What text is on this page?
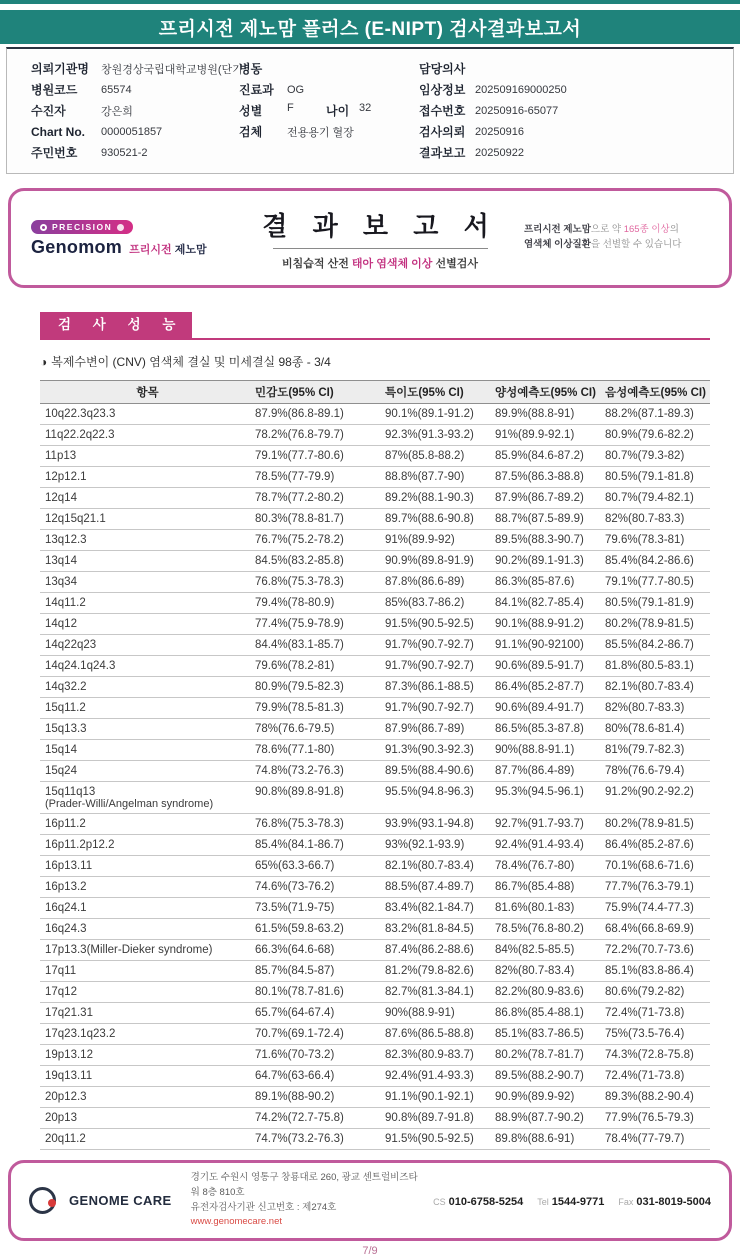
프리시전 제노맘 플러스 (E-NIPT) 검사결과보고서
의뢰기관명	창원경상국립대학교병원(단기
병동	담당의사
병원코드	65574	진료과	OG	임상정보 202509169000250
수진자	강은희	성별	F	나이 32	접수번호 20250916-65077
Chart No.	0000051857	검체	전용용기 혈장	검사의뢰 20250916
주민번호	930521-2	결과보고 20250922
PRECISION
Genomom 프리시전 제노맘
결 과 보 고 서
비침습적 산전 태아 염색체 이상 선별검사
프리시전 제노맘으로 약 165종 이상의
염색체 이상질환을 선별할 수 있습니다
검 사 성 능
◑ 복제수변이 (CNV) 염색체 결실 및 미세결실 98종 - 3/4
항목	민감도(95% CI)	특이도(95% CI)	양성예측도(95% CI) 음성예측도(95% CI)
10q22.3q23.3	87.9%(86.8-89.1)	90.1%(89.1-91.2)	89.9%(88.8-91)	88.2%(87.1-89.3)
11q22.2q22.3	78.2%(76.8-79.7)	92.3%(91.3-93.2)	91%(89.9-92.1)	80.9%(79.6-82.2)
11p13	79.1%(77.7-80.6)	87%(85.8-88.2)	85.9%(84.6-87.2)	80.7%(79.3-82)
12p12.1	78.5%(77-79.9)	88.8%(87.7-90)	87.5%(86.3-88.8)	80.5%(79.1-81.8)
12q14	78.7%(77.2-80.2)	89.2%(88.1-90.3)	87.9%(86.7-89.2)	80.7%(79.4-82.1)
12q15q21.1	80.3%(78.8-81.7)	89.7%(88.6-90.8)	88.7%(87.5-89.9)	82%(80.7-83.3)
13q12.3	76.7%(75.2-78.2)	91%(89.9-92)	89.5%(88.3-90.7)	79.6%(78.3-81)
13q14	84.5%(83.2-85.8)	90.9%(89.8-91.9)	90.2%(89.1-91.3)	85.4%(84.2-86.6)
13q34	76.8%(75.3-78.3)	87.8%(86.6-89)	86.3%(85-87.6)	79.1%(77.7-80.5)
14q11.2	79.4%(78-80.9)	85%(83.7-86.2)	84.1%(82.7-85.4)	80.5%(79.1-81.9)
14q12	77.4%(75.9-78.9)	91.5%(90.5-92.5)	90.1%(88.9-91.2)	80.2%(78.9-81.5)
14q22q23	84.4%(83.1-85.7)	91.7%(90.7-92.7)	91.1%(90-92100)	85.5%(84.2-86.7)
14q24.1q24.3	79.6%(78.2-81)	91.7%(90.7-92.7)	90.6%(89.5-91.7)	81.8%(80.5-83.1)
14q32.2	80.9%(79.5-82.3)	87.3%(86.1-88.5)	86.4%(85.2-87.7)	82.1%(80.7-83.4)
15q11.2	79.9%(78.5-81.3)	91.7%(90.7-92.7)	90.6%(89.4-91.7)	82%(80.7-83.3)
15q13.3	78%(76.6-79.5)	87.9%(86.7-89)	86.5%(85.3-87.8)	80%(78.6-81.4)
15q14	78.6%(77.1-80)	91.3%(90.3-92.3)	90%(88.8-91.1)	81%(79.7-82.3)
15q24	74.8%(73.2-76.3)	89.5%(88.4-90.6)	87.7%(86.4-89)	78%(76.6-79.4)
15q11q13
(Prader-Willi/Angelman syndrome)
90.8%(89.8-91.8)	95.5%(94.8-96.3)	95.3%(94.5-96.1)	91.2%(90.2-92.2)
16p11.2	76.8%(75.3-78.3)	93.9%(93.1-94.8)	92.7%(91.7-93.7)	80.2%(78.9-81.5)
16p11.2p12.2	85.4%(84.1-86.7)	93%(92.1-93.9)	92.4%(91.4-93.4)	86.4%(85.2-87.6)
16p13.11	65%(63.3-66.7)	82.1%(80.7-83.4)	78.4%(76.7-80)	70.1%(68.6-71.6)
16p13.2	74.6%(73-76.2)	88.5%(87.4-89.7)	86.7%(85.4-88)	77.7%(76.3-79.1)
16q24.1	73.5%(71.9-75)	83.4%(82.1-84.7)	81.6%(80.1-83)	75.9%(74.4-77.3)
16q24.3	61.5%(59.8-63.2)	83.2%(81.8-84.5)	78.5%(76.8-80.2)	68.4%(66.8-69.9)
17p13.3(Miller-Dieker syndrome)	66.3%(64.6-68)	87.4%(86.2-88.6)	84%(82.5-85.5)	72.2%(70.7-73.6)
17q11	85.7%(84.5-87)	81.2%(79.8-82.6)	82%(80.7-83.4)	85.1%(83.8-86.4)
17q12	80.1%(78.7-81.6)	82.7%(81.3-84.1)	82.2%(80.9-83.6)	80.6%(79.2-82)
17q21.31	65.7%(64-67.4)	90%(88.9-91)	86.8%(85.4-88.1)	72.4%(71-73.8)
17q23.1q23.2	70.7%(69.1-72.4)	87.6%(86.5-88.8)	85.1%(83.7-86.5)	75%(73.5-76.4)
19p13.12	71.6%(70-73.2)	82.3%(80.9-83.7)	80.2%(78.7-81.7)	74.3%(72.8-75.8)
19q13.11	64.7%(63-66.4)	92.4%(91.4-93.3)	89.5%(88.2-90.7)	72.4%(71-73.8)
20p12.3	89.1%(88-90.2)	91.1%(90.1-92.1)	90.9%(89.9-92)	89.3%(88.2-90.4)
20p13	74.2%(72.7-75.8)	90.8%(89.7-91.8)	88.9%(87.7-90.2)	77.9%(76.5-79.3)
20q11.2	74.7%(73.2-76.3)	91.5%(90.5-92.5)	89.8%(88.6-91)	78.4%(77-79.7)
GENOME CARE
경기도 수원시 영통구 창룡대로 260, 광교 센트럴비즈타워 8층 810호
유전자검사기관 신고번호 : 제274호
www.genomecare.net
CS 010-6758-5254 Tel 1544-9771 Fax 031-8019-5004
7/9
